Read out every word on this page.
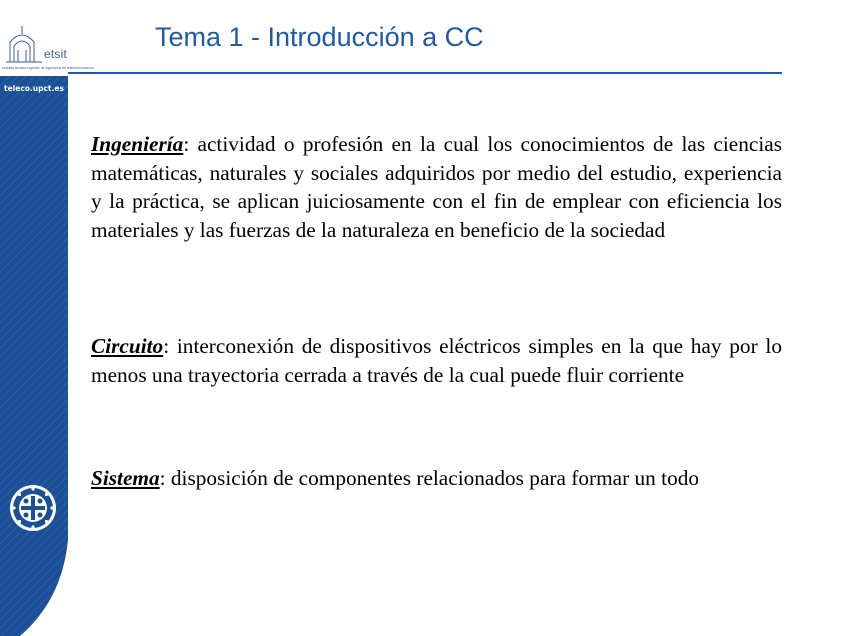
etsit
escuela técnica superior de ingeniería de telecomunicación
teleco.upct.es
Tema 1 - Introducción a CC

Ingeniería: actividad o profesión en la cual los conocimientos de las ciencias matemáticas, naturales y sociales adquiridos por medio del estudio, experiencia y la práctica, se aplican juiciosamente con el fin de emplear con eficiencia los materiales y las fuerzas de la naturaleza en beneficio de la sociedad

Circuito: interconexión de dispositivos eléctricos simples en la que hay por lo menos una trayectoria cerrada a través de la cual puede fluir corriente

Sistema: disposición de componentes relacionados para formar un todo
